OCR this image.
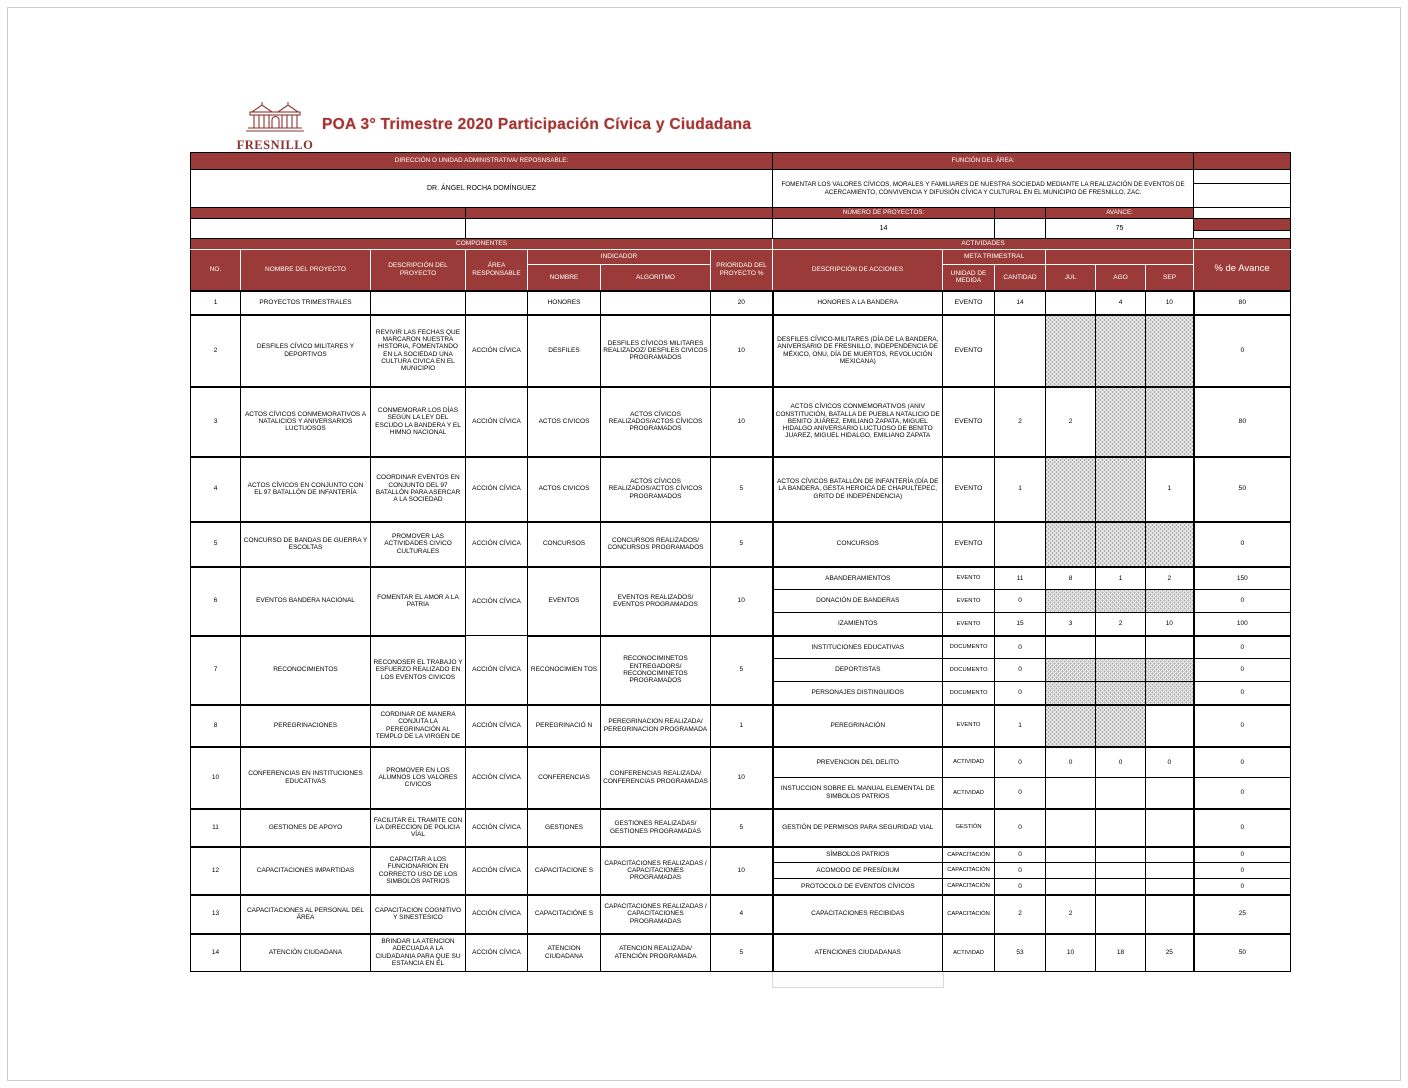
FRESNILLO
POA 3° Trimestre 2020 Participación Cívica y Ciudadana
DIRECCIÓN O UNIDAD ADMINISTRATIVA/ REPOSNSABLE:							FUNCIÓN DEL ÁREA:						
DR. ÁNGEL ROCHA DOMÍNGUEZ							FOMENTAR LOS VALORES CÍVICOS, MORALES Y FAMILIARES DE NUESTRA SOCIEDAD MEDIANTE LA REALIZACIÓN DE EVENTOS DE ACERCAMIENTO, CONVIVENCIA Y DIFUSIÓN CÍVICA Y CULTURAL EN EL MUNICIPIO DE FRESNILLO, ZAC.						

							NÚMERO DE PROYECTOS:			AVANCE:			
							14			75			

COMPONENTES							ACTIVIDADES						
NO.	NOMBRE DEL PROYECTO	DESCRIPCIÓN DEL PROYECTO	ÁREA RESPONSABLE	INDICADOR		PRIORIDAD DEL PROYECTO %	DESCRIPCIÓN DE ACCIONES	META TRIMESTRAL					% de Avance
				NOMBRE	ALGORITMO			UNIDAD DE MEDIDA	CANTIDAD	JUL	AGO	SEP	
1	PROYECTOS TRIMESTRALES			HONORES		20	HONORES A LA BANDERA	EVENTO	14		4	10	80
2	DESFILES CÍVICO MILITARES Y DEPORTIVOS	REVIVIR LAS FECHAS QUE MARCARON NUESTRA HISTORIA, FOMENTANDO EN LA SOCIEDAD UNA CULTURA CIVICA EN EL MUNICIPIO	ACCIÓN CÍVICA	DESFILES	DESFILES CÍVICOS MILITARES REALIZADOZ/ DESFILES CIVICOS PROGRAMADOS	10	DESFILES CÍVICO-MILITARES (DÍA DE LA BANDERA, ANIVERSARIO DE FRESNILLO, INDEPENDENCIA DE MÉXICO, ONU, DÍA DE MUERTOS, REVOLUCIÓN MEXICANA)	EVENTO					0
3	ACTOS CÍVICOS CONMEMORATIVOS A NATALICIOS Y ANIVERSARIOS LUCTUOSOS	CONMEMORAR LOS DÍAS SEGÚN LA LEY DEL ESCUDO LA BANDERA Y EL HIMNO NACIONAL	ACCIÓN CÍVICA	ACTOS CIVICOS	ACTOS CÍVICOS REALIZADOS/ACTOS CÍVICOS PROGRAMADOS	10	ACTOS CÍVICOS CONMEMORATIVOS (ANIV CONSTITUCIÓN, BATALLA DE PUEBLA NATALICIO DE BENITO JUÁREZ, EMILIANO ZAPATA, MIGUEL HIDALGO ANIVERSARIO LUCTUOSO DE BENITO JUAREZ, MIGUEL HIDALGO, EMILIANO ZAPATA	EVENTO	2	2			80
4	ACTOS CÍVICOS EN CONJUNTO CON EL 97 BATALLÓN DE INFANTERÍA	COORDINAR EVENTOS EN CONJUNTO DEL 97 BATALLÓN PARA ASERCAR A LA SOCIEDAD	ACCIÓN CÍVICA	ACTOS CIVICOS	ACTOS CÍVICOS REALIZADOS/ACTOS CÍVICOS PROGRAMADOS	5	ACTOS CÍVICOS BATALLÓN DE INFANTERÍA (DÍA DE LA BANDERA, GESTA HEROICA DE CHAPULTEPEC, GRITO DE INDEPENDENCIA)	EVENTO	1			1	50
5	CONCURSO DE BANDAS DE GUERRA Y ESCOLTAS	PROMOVER LAS ACTIVIDADES CIVICO CULTURALES	ACCIÓN CÍVICA	CONCURSOS	CONCURSOS REALIZADOS/ CONCURSOS PROGRAMADOS	5	CONCURSOS	EVENTO					0
6	EVENTOS BANDERA NACIONAL	FOMENTAR EL AMOR A LA PATRIA	ACCIÓN CÍVICA	EVENTOS	EVENTOS REALIZADOS/ EVENTOS PROGRAMADOS	10	ABANDERAMIENTOS	EVENTO	11	8	1	2	150
							DONACIÓN DE BANDERAS	EVENTO	0				0
							IZAMIENTOS	EVENTO	15	3	2	10	100
7	RECONOCIMIENTOS	RECONOSER EL TRABAJO Y ESFUERZO REALIZADO EN LOS EVENTOS CIVICOS	ACCIÓN CÍVICA	RECONOCIMIEN TOS	RECONOCIMINETOS ENTREGADORS/ RECONOCIMINETOS PROGRAMADOS	5	INSTITUCIONES EDUCATIVAS	DOCUMENTO	0				0
							DEPORTISTAS	DOCUMENTO	0				0
							PERSONAJES DISTINGUIDOS	DOCUMENTO	0				0
8	PEREGRINACIONES	CORDINAR DE MANERA CONJUTA LA PEREGRINACIÓN AL TEMPLO DE LA VIRGEN DE	ACCIÓN CÍVICA	PEREGRINACIÓ N	PEREGRINACION REALIZADA/ PEREGRINACION PROGRAMADA	1	PEREGRINACIÓN	EVENTO	1				0
10	CONFERENCIAS EN INSTITUCIONES EDUCATIVAS	PROMOVER EN LOS ALUMNOS LOS VALORES CIVICOS	ACCIÓN CÍVICA	CONFERENCIAS	CONFERENCIAS REALIZADA/ CONFERENCIAS PROGRAMADAS	10	PREVENCION DEL DELITO	ACTIVIDAD	0	0	0	0	0
							INSTUCCION SOBRE EL MANUAL ELEMENTAL DE SIMBOLOS PATRIOS	ACTIVIDAD	0				0
11	GESTIONES DE APOYO	FACILITAR EL TRAMITE CON LA DIRECCION DE POLICIA VÍAL	ACCIÓN CÍVICA	GESTIONES	GESTIONES REALIZADAS/ GESTIONES PROGRAMADAS	5	GESTIÓN DE PERMISOS PARA SEGURIDAD VIAL	GESTIÓN	0				0
12	CAPACITACIONES IMPARTIDAS	CAPACITAR A LOS FUNCIONARION EN CORRECTO USO DE LOS SIMBOLOS PATRIOS	ACCIÓN CÍVICA	CAPACITACIONE S	CAPACITACIONES REALIZADAS / CAPACITACIONES PROGRAMADAS	10	SÍMBOLOS PATRIOS	CAPACITACIÓN	0				0
							ACOMODO DE PRESÍDIUM	CAPACITACIÓN	0				0
							PROTOCOLO DE EVENTOS CÍVICOS	CAPACITACIÓN	0				0
13	CAPACITACIONES AL PERSONAL DEL ÁREA	CAPACITACION COGNITIVO Y SINESTESICO	ACCIÓN CÍVICA	CAPACITACIÓNE S	CAPACITACIONES REALIZADAS / CAPACITACIONES PROGRAMADAS	4	CAPACITACIONES RECIBIDAS	CAPACITACIÓN	2	2			25
14	ATENCIÓN CIUDADANA	BRINDAR LA ATENCION ADECUADA A LA CIUDADANIA PARA QUE SU ESTANCIA EN EL	ACCIÓN CÍVICA	ATENCION CIUDADANA	ATENCION REALIZADA/ ATENCIÓN PROGRAMADA	5	ATENCIONES CIUDADANAS	ACTIVIDAD	53	10	18	25	50
